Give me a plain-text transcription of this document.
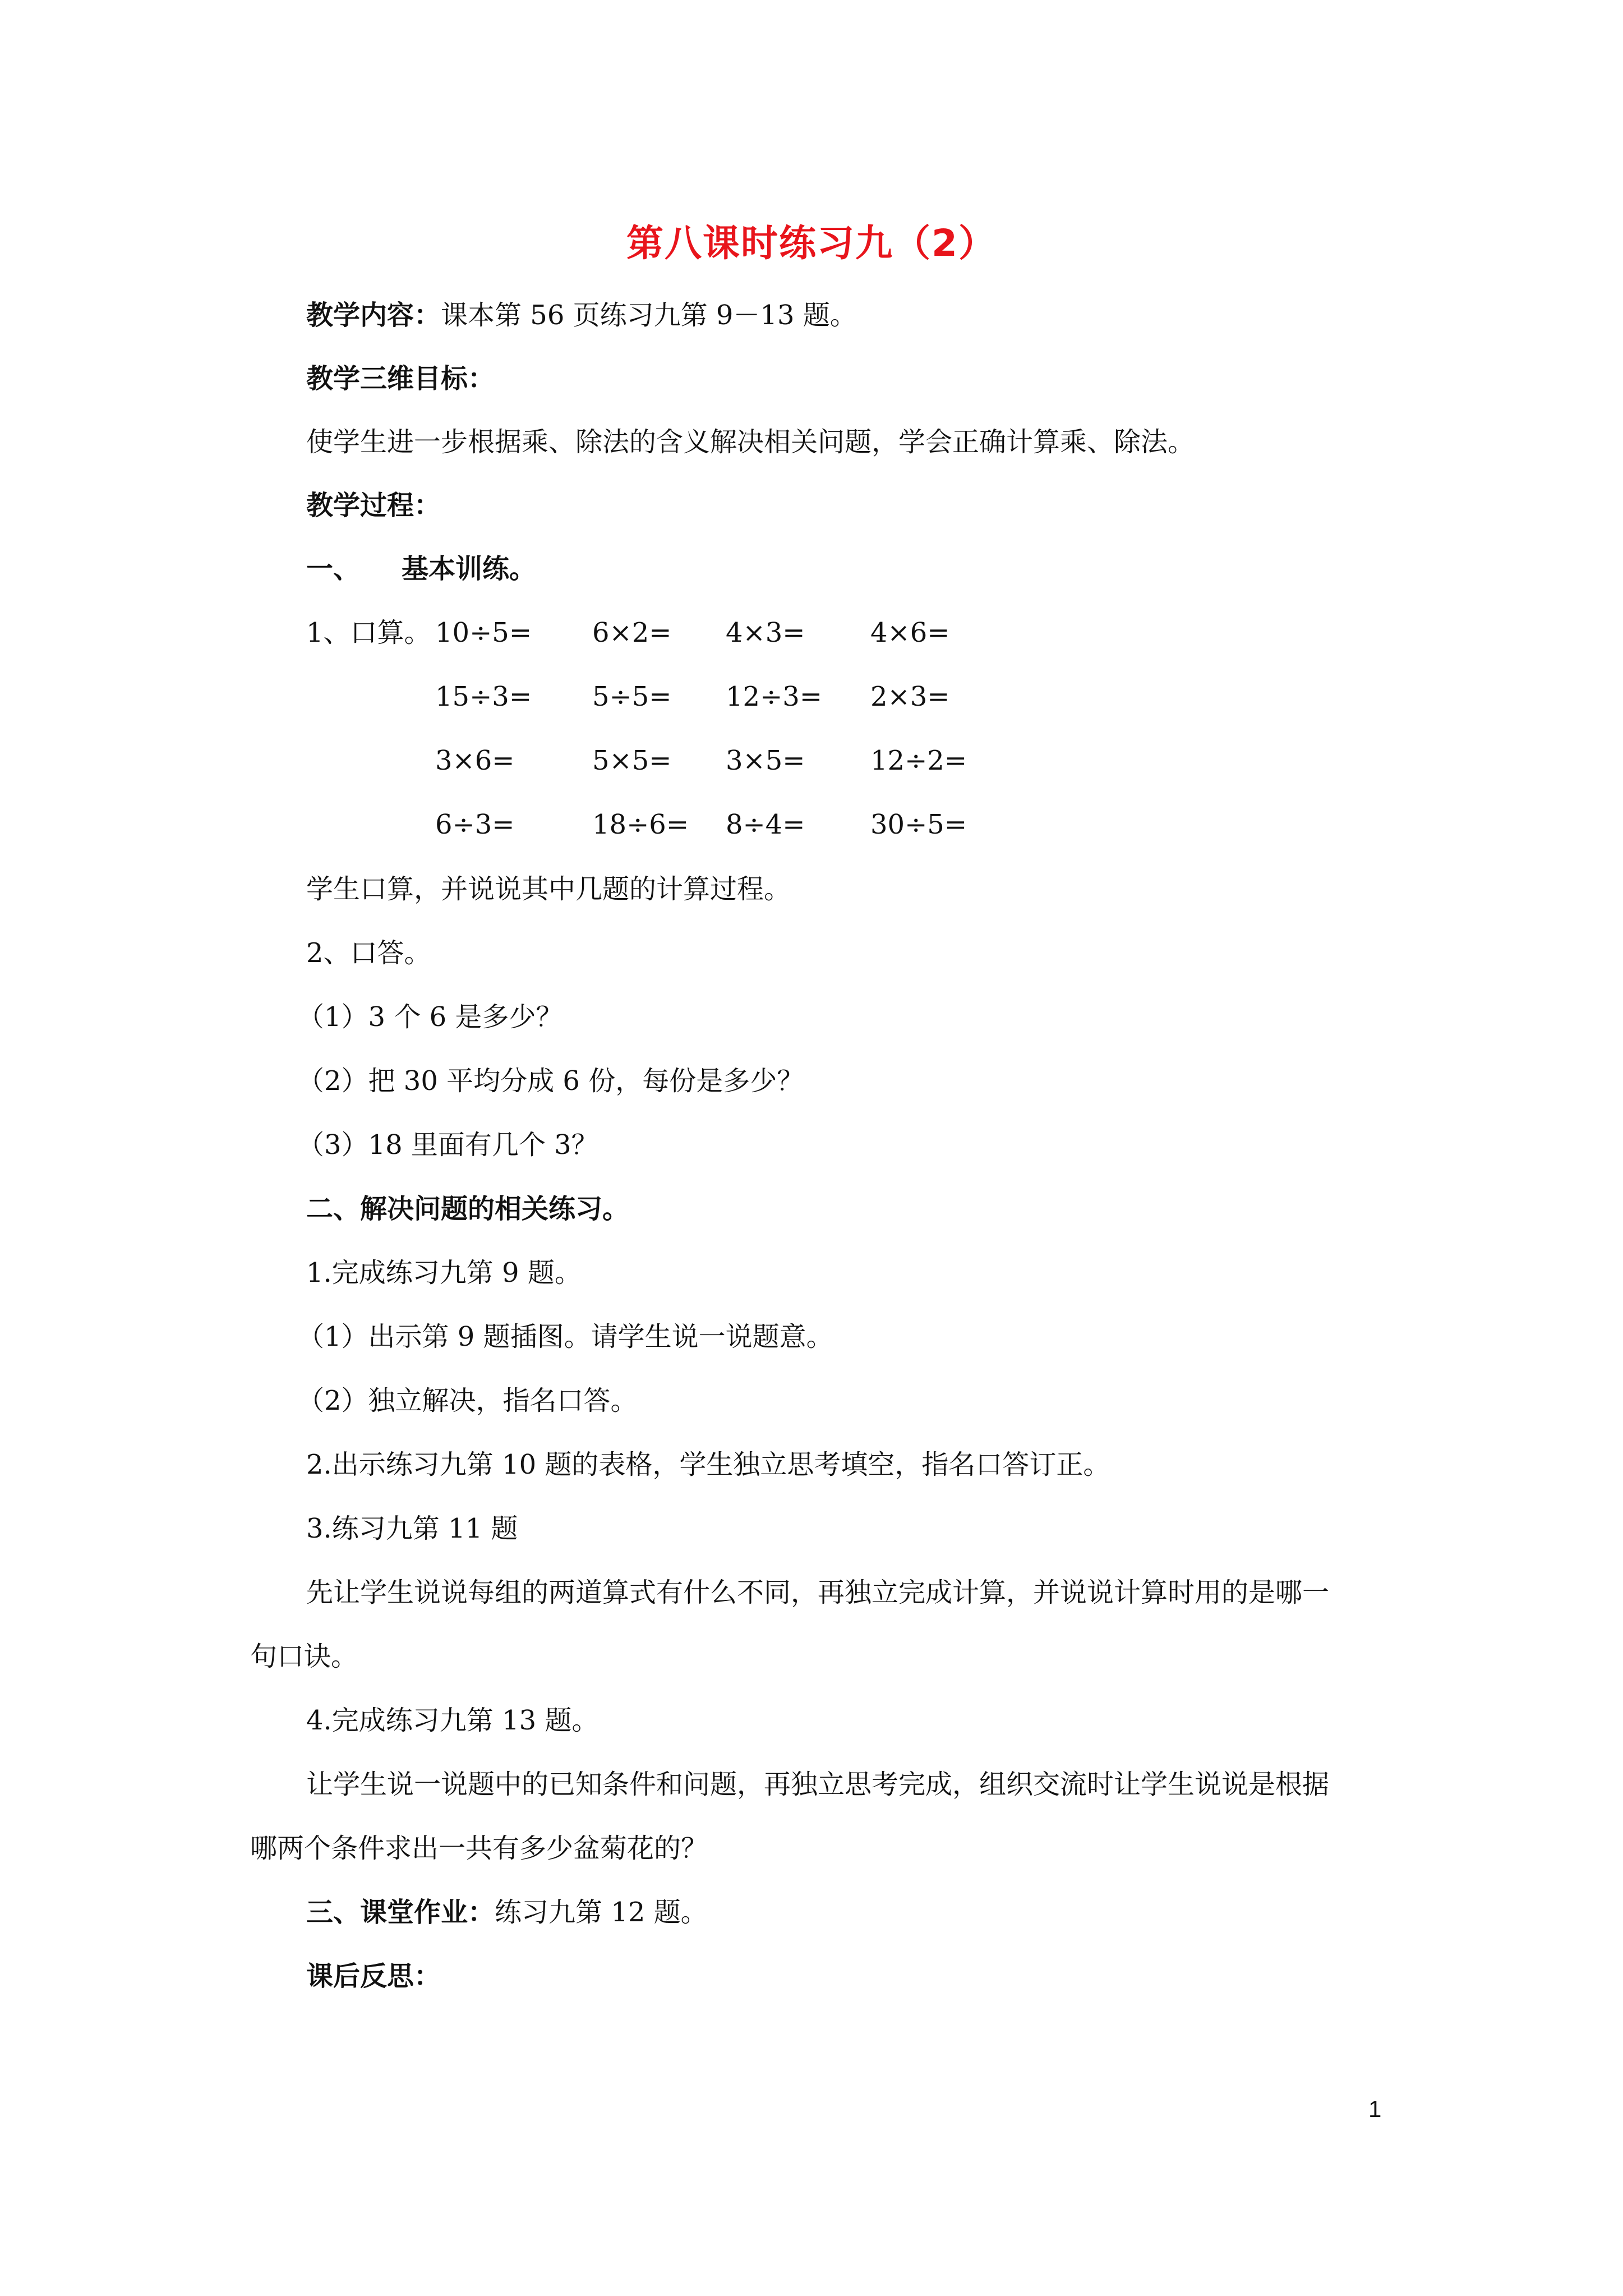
第八课时练习九（2）
教学内容：课本第 56 页练习九第 9－13 题。
教学三维目标：
使学生进一步根据乘、除法的含义解决相关问题，学会正确计算乘、除法。
教学过程：
一、 基本训练。
1、口算。 10÷5= 6×2= 4×3= 4×6=
15÷3= 5÷5= 12÷3= 2×3=
3×6=	5×5= 3×5= 12÷2=
6÷3=	18÷6= 8÷4= 30÷5=
学生口算，并说说其中几题的计算过程。
2、口答。
（1）3 个 6 是多少？
（2）把 30 平均分成 6 份，每份是多少？
（3）18 里面有几个 3？
二、解决问题的相关练习。
1.完成练习九第 9 题。
（1）出示第 9 题插图。请学生说一说题意。
（2）独立解决，指名口答。
2.出示练习九第 10 题的表格，学生独立思考填空，指名口答订正。
3.练习九第 11 题
先让学生说说每组的两道算式有什么不同，再独立完成计算，并说说计算时用的是哪一
句口诀。
4.完成练习九第 13 题。
让学生说一说题中的已知条件和问题，再独立思考完成，组织交流时让学生说说是根据
哪两个条件求出一共有多少盆菊花的？
三、课堂作业：练习九第 12 题。
课后反思：
1
